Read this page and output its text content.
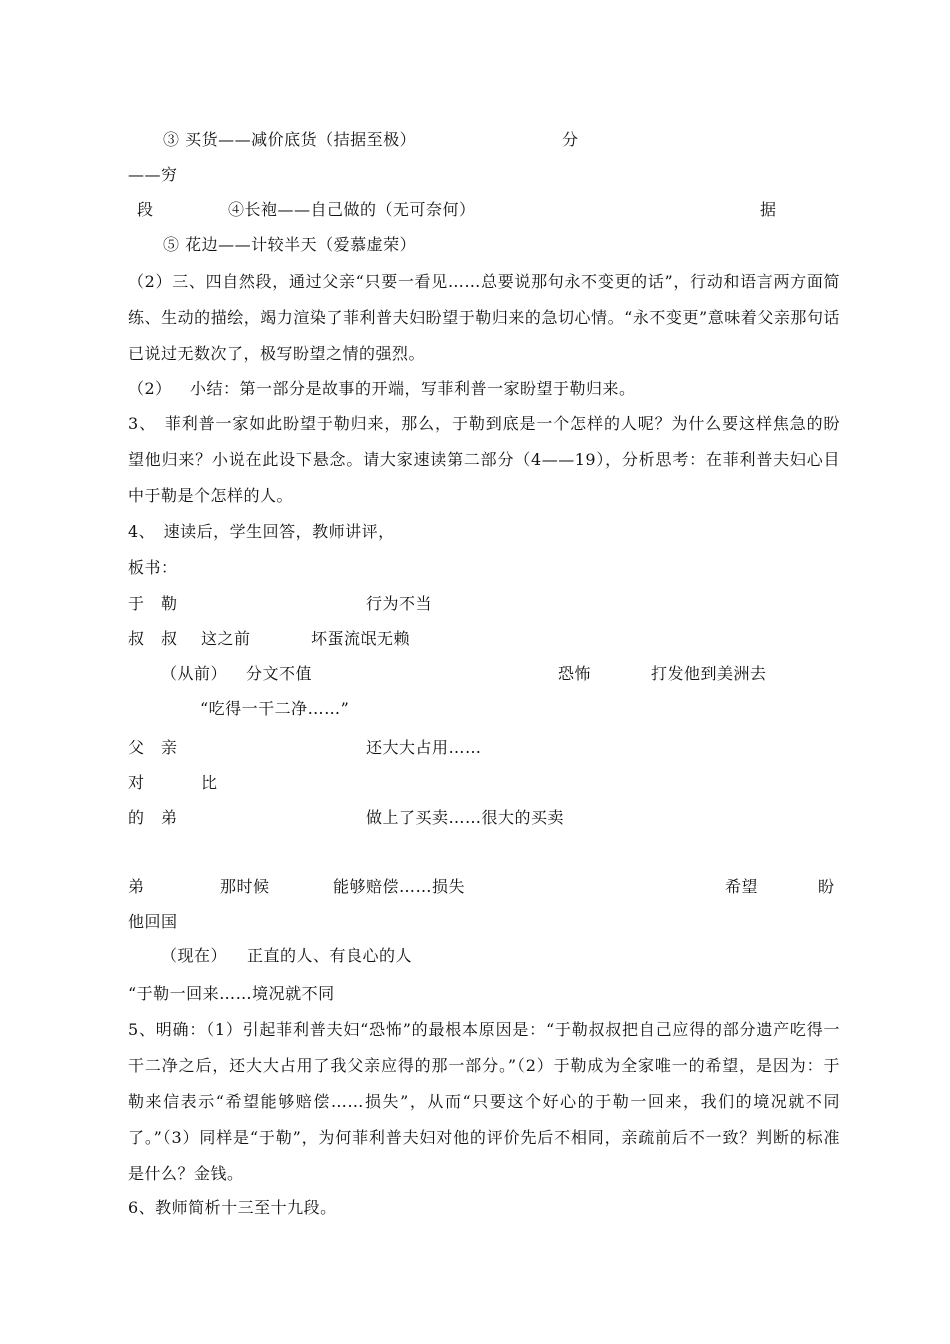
③ 买货——减价底货（拮据至极）	分
——穷
段	④长袍——自己做的（无可奈何）	据
⑤ 花边——计较半天（爱慕虚荣）
（2）三、四自然段，通过父亲“只要一看见……总要说那句永不变更的话”，行动和语言两方面简练、生动的描绘，竭力渲染了菲利普夫妇盼望于勒归来的急切心情。“永不变更”意味着父亲那句话已说过无数次了，极写盼望之情的强烈。
（2） 小结：第一部分是故事的开端，写菲利普一家盼望于勒归来。
3、　菲利普一家如此盼望于勒归来，那么，于勒到底是一个怎样的人呢？为什么要这样焦急的盼望他归来？小说在此设下悬念。请大家速读第二部分（4——19），分析思考：在菲利普夫妇心目中于勒是个怎样的人。
4、　速读后，学生回答，教师讲评，
板书：
于　勒	行为不当
叔　叔 这之前	坏蛋流氓无赖
（从前） 分文不值	恐怖	打发他到美洲去
“吃得一干二净……”
父　亲	还大大占用……
对	比
的　弟	做上了买卖……很大的买卖
弟	那时候	能够赔偿……损失	希望	盼
他回国
（现在） 正直的人、有良心的人
“于勒一回来……境况就不同
5、明确：（1）引起菲利普夫妇“恐怖”的最根本原因是：“于勒叔叔把自己应得的部分遗产吃得一干二净之后，还大大占用了我父亲应得的那一部分。”（2）于勒成为全家唯一的希望，是因为：于勒来信表示“希望能够赔偿……损失”，从而“只要这个好心的于勒一回来，我们的境况就不同了。”（3）同样是“于勒”，为何菲利普夫妇对他的评价先后不相同，亲疏前后不一致？判断的标准是什么？金钱。
6、教师简析十三至十九段。
